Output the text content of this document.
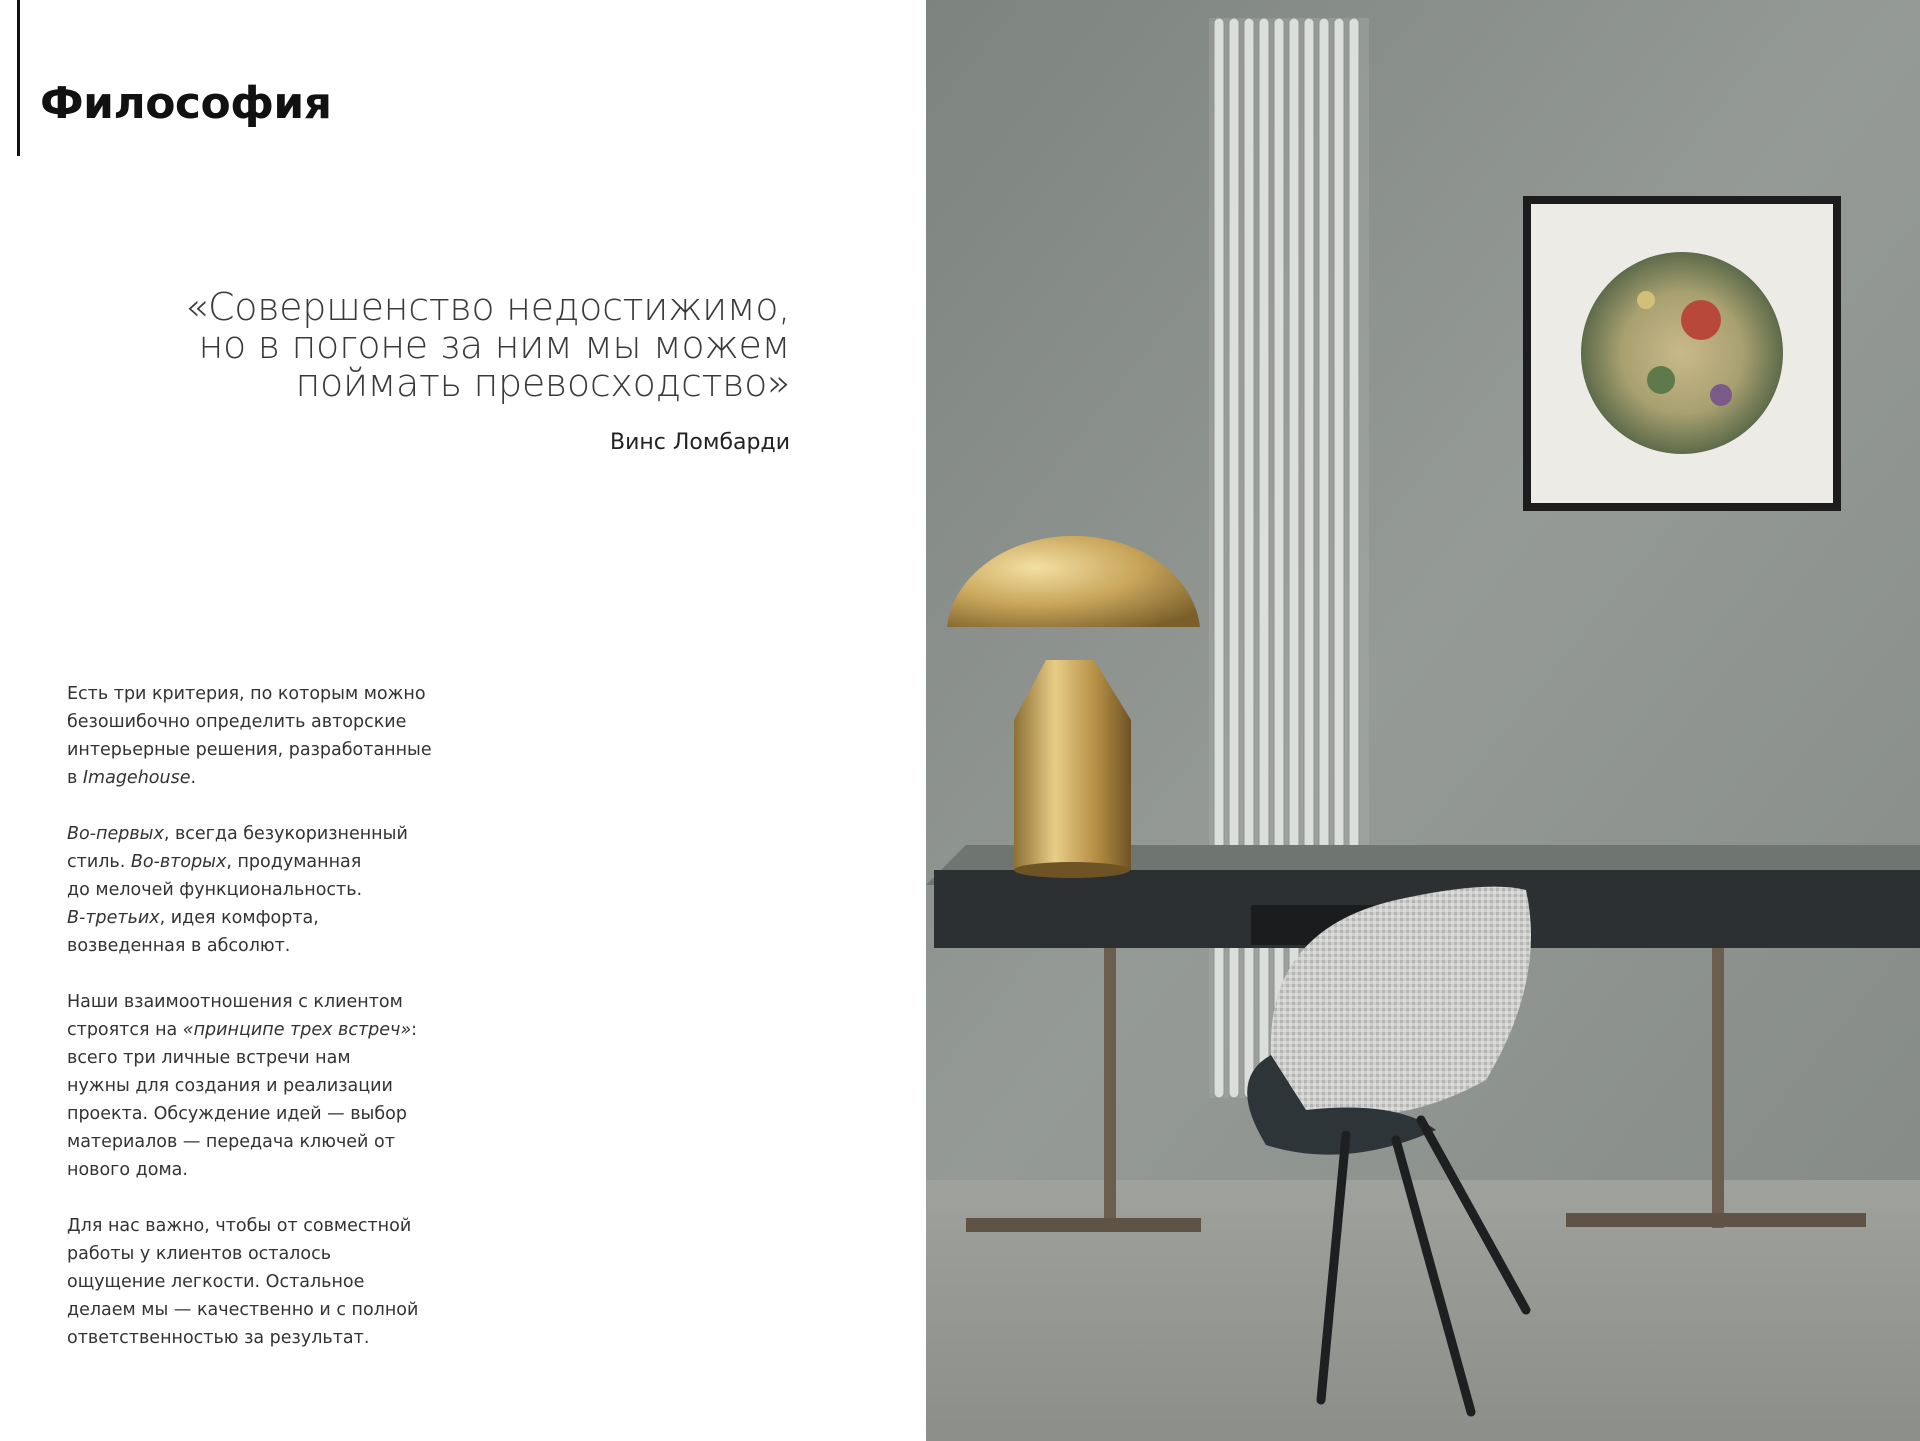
Философия
«Совершенство недостижимо,
но в погоне за ним мы можем
поймать превосходство»
Винс Ломбарди

Есть три критерия, по которым можно
безошибочно определить авторские
интерьерные решения, разработанные
в Imagehouse.

Во-первых, всегда безукоризненный
стиль. Во-вторых, продуманная
до мелочей функциональность.
В-третьих, идея комфорта,
возведенная в абсолют.

Наши взаимоотношения с клиентом
строятся на «принципе трех встреч»:
всего три личные встречи нам
нужны для создания и реализации
проекта. Обсуждение идей — выбор
материалов — передача ключей от
нового дома.

Для нас важно, чтобы от совместной
работы у клиентов осталось
ощущение легкости. Остальное
делаем мы — качественно и с полной
ответственностью за результат.
